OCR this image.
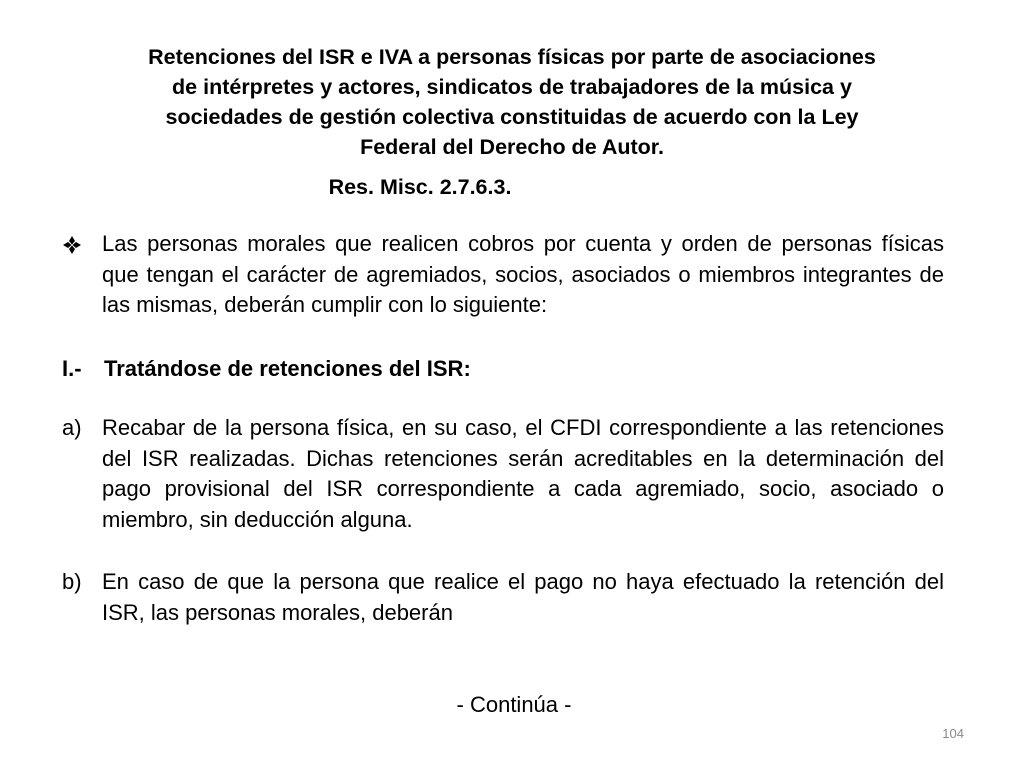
Retenciones del ISR e IVA a personas físicas por parte de asociaciones
de intérpretes y actores, sindicatos de trabajadores de la música y
sociedades de gestión colectiva constituidas de acuerdo con la Ley
Federal del Derecho de Autor.
Res. Misc. 2.7.6.3.
Las personas morales que realicen cobros por cuenta y orden de personas físicas que tengan el carácter de agremiados, socios, asociados o miembros integrantes de las mismas, deberán cumplir con lo siguiente:
I.- Tratándose de retenciones del ISR:
a) Recabar de la persona física, en su caso, el CFDI correspondiente a las retenciones del ISR realizadas. Dichas retenciones serán acreditables en la determinación del pago provisional del ISR correspondiente a cada agremiado, socio, asociado o miembro, sin deducción alguna.
b) En caso de que la persona que realice el pago no haya efectuado la retención del ISR, las personas morales, deberán
- Continúa -
104
